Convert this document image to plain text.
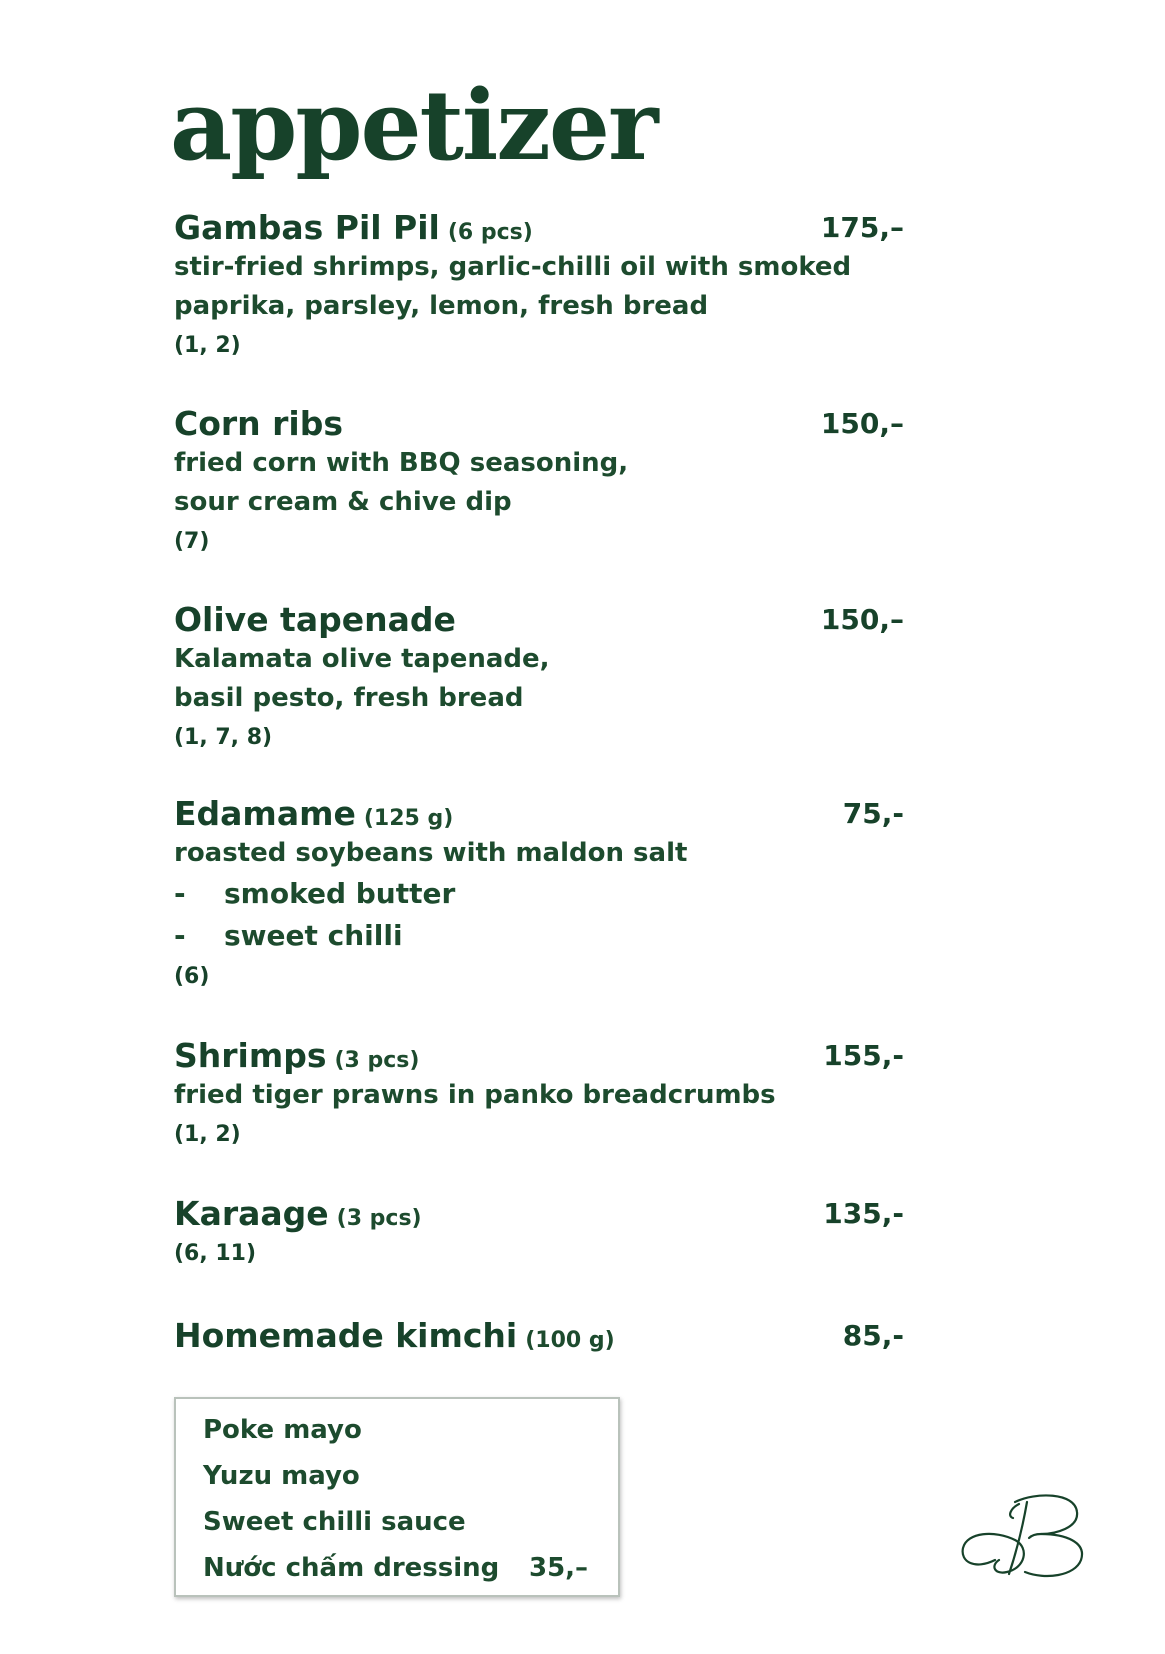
appetizer
Gambas Pil Pil (6 pcs)	175,–
stir-fried shrimps, garlic-chilli oil with smoked
paprika, parsley, lemon, fresh bread
(1, 2)
Corn ribs	150,–
fried corn with BBQ seasoning,
sour cream & chive dip
(7)
Olive tapenade	150,–
Kalamata olive tapenade,
basil pesto, fresh bread
(1, 7, 8)
Edamame (125 g)	75,-
roasted soybeans with maldon salt
- smoked butter
- sweet chilli
(6)
Shrimps (3 pcs)	155,-
fried tiger prawns in panko breadcrumbs
(1, 2)
Karaage (3 pcs)	135,-
(6, 11)
Homemade kimchi (100 g)	85,-
Poke mayo
Yuzu mayo
Sweet chilli sauce
Nước chấm dressing 35,–
